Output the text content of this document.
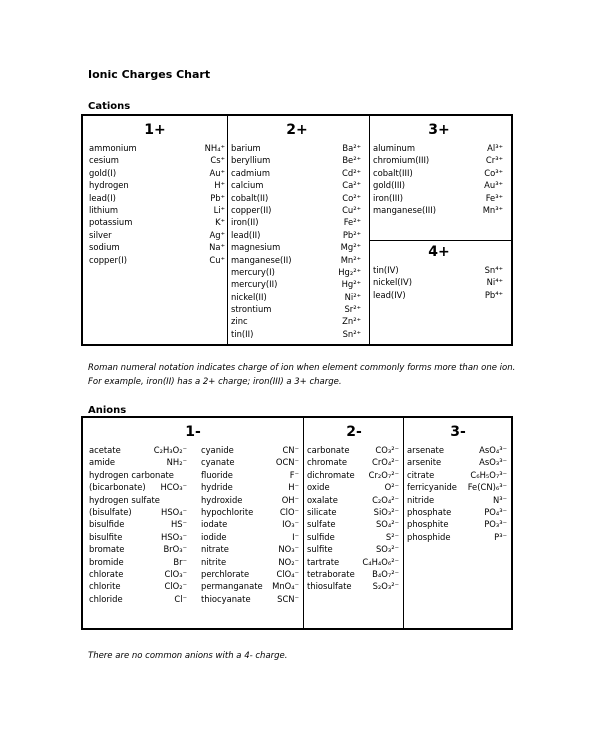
Ionic Charges Chart
Cations
1+
ammonium	NH₄⁺
cesium	Cs⁺
gold(I)	Au⁺
hydrogen	H⁺
lead(I)	Pb⁺
lithium	Li⁺
potassium	K⁺
silver	Ag⁺
sodium	Na⁺
copper(I)	Cu⁺
2+
barium	Ba²⁺
beryllium	Be²⁺
cadmium	Cd²⁺
calcium	Ca²⁺
cobalt(II)	Co²⁺
copper(II)	Cu²⁺
iron(II)	Fe²⁺
lead(II)	Pb²⁺
magnesium	Mg²⁺
manganese(II)	Mn²⁺
mercury(I)	Hg₂²⁺
mercury(II)	Hg²⁺
nickel(II)	Ni²⁺
strontium	Sr²⁺
zinc	Zn²⁺
tin(II)	Sn²⁺
3+
aluminum	Al³⁺
chromium(III)	Cr³⁺
cobalt(III)	Co³⁺
gold(III)	Au³⁺
iron(III)	Fe³⁺
manganese(III)	Mn³⁺
4+
tin(IV)	Sn⁴⁺
nickel(IV)	Ni⁴⁺
lead(IV)	Pb⁴⁺
Roman numeral notation indicates charge of ion when element commonly forms more than one ion.
For example, iron(II) has a 2+ charge; iron(III) a 3+ charge.
Anions
1-
acetate	C₂H₃O₂⁻
amide	NH₂⁻
hydrogen carbonate
(bicarbonate) HCO₃⁻
hydrogen sulfate
(bisulfate)	HSO₄⁻
bisulfide	HS⁻
bisulfite	HSO₃⁻
bromate	BrO₃⁻
bromide	Br⁻
chlorate	ClO₃⁻
chlorite	ClO₂⁻
chloride	Cl⁻
cyanide	CN⁻
cyanate	OCN⁻
fluoride	F⁻
hydride	H⁻
hydroxide	OH⁻
hypochlorite	ClO⁻
iodate	IO₃⁻
iodide	I⁻
nitrate	NO₃⁻
nitrite	NO₂⁻
perchlorate	ClO₄⁻
permanganate MnO₄⁻
thiocyanate	SCN⁻
2-
carbonate	CO₃²⁻
chromate	CrO₄²⁻
dichromate Cr₂O₇²⁻
oxide	O²⁻
oxalate	C₂O₄²⁻
silicate	SiO₃²⁻
sulfate	SO₄²⁻
sulfide	S²⁻
sulfite	SO₃²⁻
tartrate	C₄H₄O₆²⁻
tetraborate B₄O₇²⁻
thiosulfate	S₂O₃²⁻
3-
arsenate	AsO₄³⁻
arsenite	AsO₃³⁻
citrate	C₆H₅O₇³⁻
ferricyanide Fe(CN)₆³⁻
nitride	N³⁻
phosphate	PO₄³⁻
phosphite	PO₃³⁻
phosphide	P³⁻
There are no common anions with a 4- charge.
